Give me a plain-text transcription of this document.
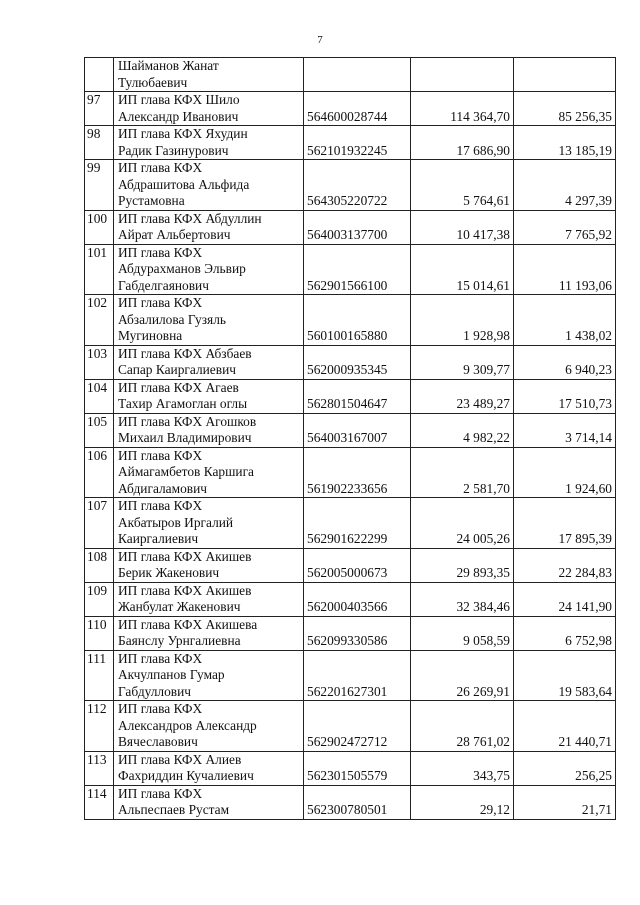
7

	Шайманов Жанат
Тулюбаевич			

97	ИП глава КФХ Шило
Александр Иванович	564600028744	114 364,70	85 256,35
98	ИП глава КФХ Яхудин
Радик Газинурович	562101932245	17 686,90	13 185,19
99	ИП глава КФХ
Абдрашитова Альфида
Рустамовна	564305220722	5 764,61	4 297,39
100	ИП глава КФХ Абдуллин
Айрат Альбертович	564003137700	10 417,38	7 765,92
101	ИП глава КФХ
Абдурахманов Эльвир
Габделгаянович	562901566100	15 014,61	11 193,06
102	ИП глава КФХ
Абзалилова Гузяль
Мугиновна	560100165880	1 928,98	1 438,02
103	ИП глава КФХ Абзбаев
Сапар Каиргалиевич	562000935345	9 309,77	6 940,23
104	ИП глава КФХ Агаев
Тахир Агамоглан оглы	562801504647	23 489,27	17 510,73
105	ИП глава КФХ Агошков
Михаил Владимирович	564003167007	4 982,22	3 714,14
106	ИП глава КФХ
Аймагамбетов Каршига
Абдигаламович	561902233656	2 581,70	1 924,60
107	ИП глава КФХ
Акбатыров Иргалий
Каиргалиевич	562901622299	24 005,26	17 895,39
108	ИП глава КФХ Акишев
Берик Жакенович	562005000673	29 893,35	22 284,83
109	ИП глава КФХ Акишев
Жанбулат Жакенович	562000403566	32 384,46	24 141,90
110	ИП глава КФХ Акишева
Баянслу Урнгалиевна	562099330586	9 058,59	6 752,98
111	ИП глава КФХ
Акчулпанов Гумар
Габдуллович	562201627301	26 269,91	19 583,64
112	ИП глава КФХ
Александров Александр
Вячеславович	562902472712	28 761,02	21 440,71
113	ИП глава КФХ Алиев
Фахриддин Кучалиевич	562301505579	343,75	256,25
114	ИП глава КФХ
Альпеспаев Рустам	562300780501	29,12	21,71
